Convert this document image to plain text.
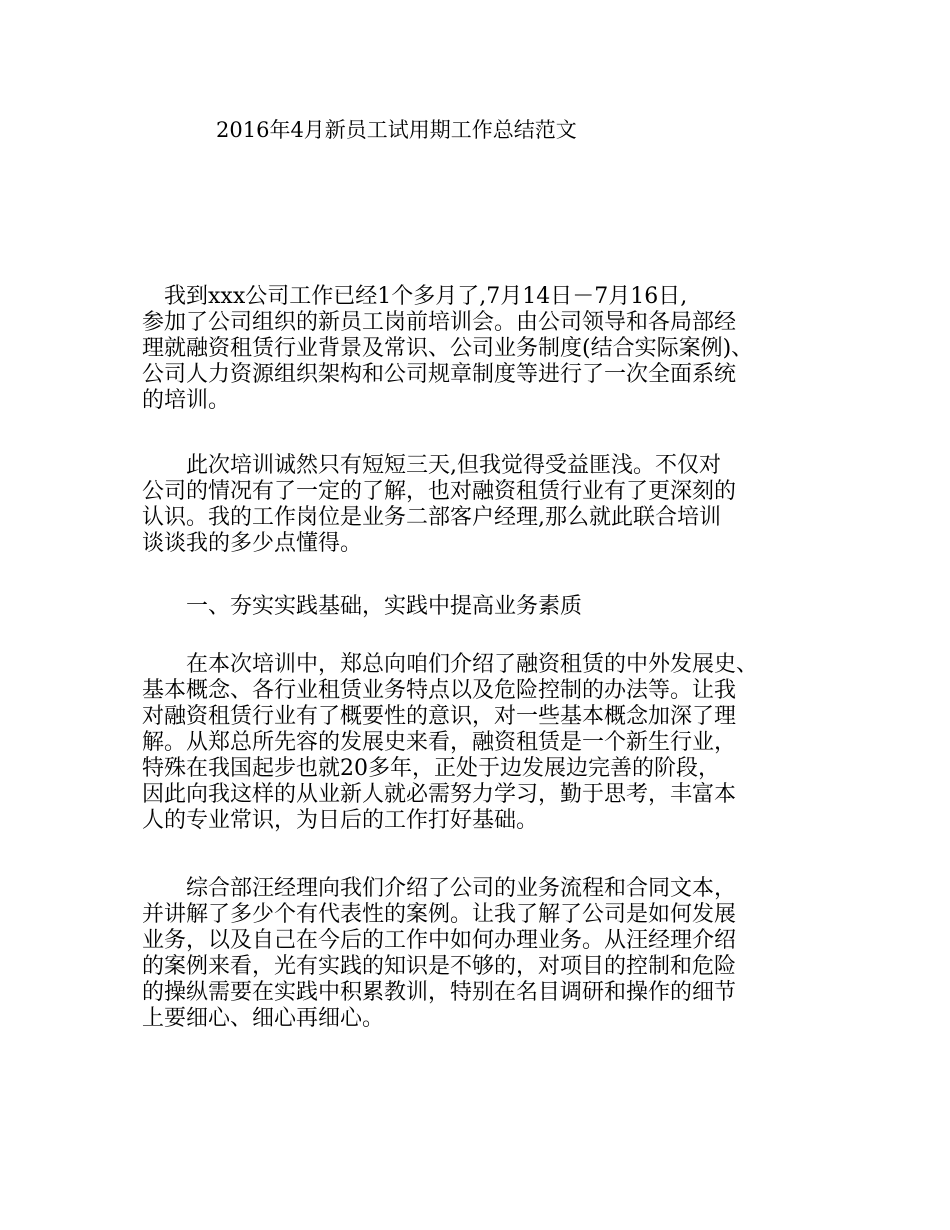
2016年4月新员工试用期工作总结范文
　我到xxx公司工作已经1个多月了,7月14日－7月16日,
参加了公司组织的新员工岗前培训会。由公司领导和各局部经
理就融资租赁行业背景及常识、公司业务制度(结合实际案例)、
公司人力资源组织架构和公司规章制度等进行了一次全面系统
的培训。
　　此次培训诚然只有短短三天,但我觉得受益匪浅。不仅对
公司的情况有了一定的了解，也对融资租赁行业有了更深刻的
认识。我的工作岗位是业务二部客户经理,那么就此联合培训
谈谈我的多少点懂得。
　　一、夯实实践基础，实践中提高业务素质
　　在本次培训中，郑总向咱们介绍了融资租赁的中外发展史、
基本概念、各行业租赁业务特点以及危险控制的办法等。让我
对融资租赁行业有了概要性的意识，对一些基本概念加深了理
解。从郑总所先容的发展史来看，融资租赁是一个新生行业，
特殊在我国起步也就20多年，正处于边发展边完善的阶段，
因此向我这样的从业新人就必需努力学习，勤于思考，丰富本
人的专业常识，为日后的工作打好基础。
　　综合部汪经理向我们介绍了公司的业务流程和合同文本，
并讲解了多少个有代表性的案例。让我了解了公司是如何发展
业务，以及自己在今后的工作中如何办理业务。从汪经理介绍
的案例来看，光有实践的知识是不够的，对项目的控制和危险
的操纵需要在实践中积累教训，特别在名目调研和操作的细节
上要细心、细心再细心。
